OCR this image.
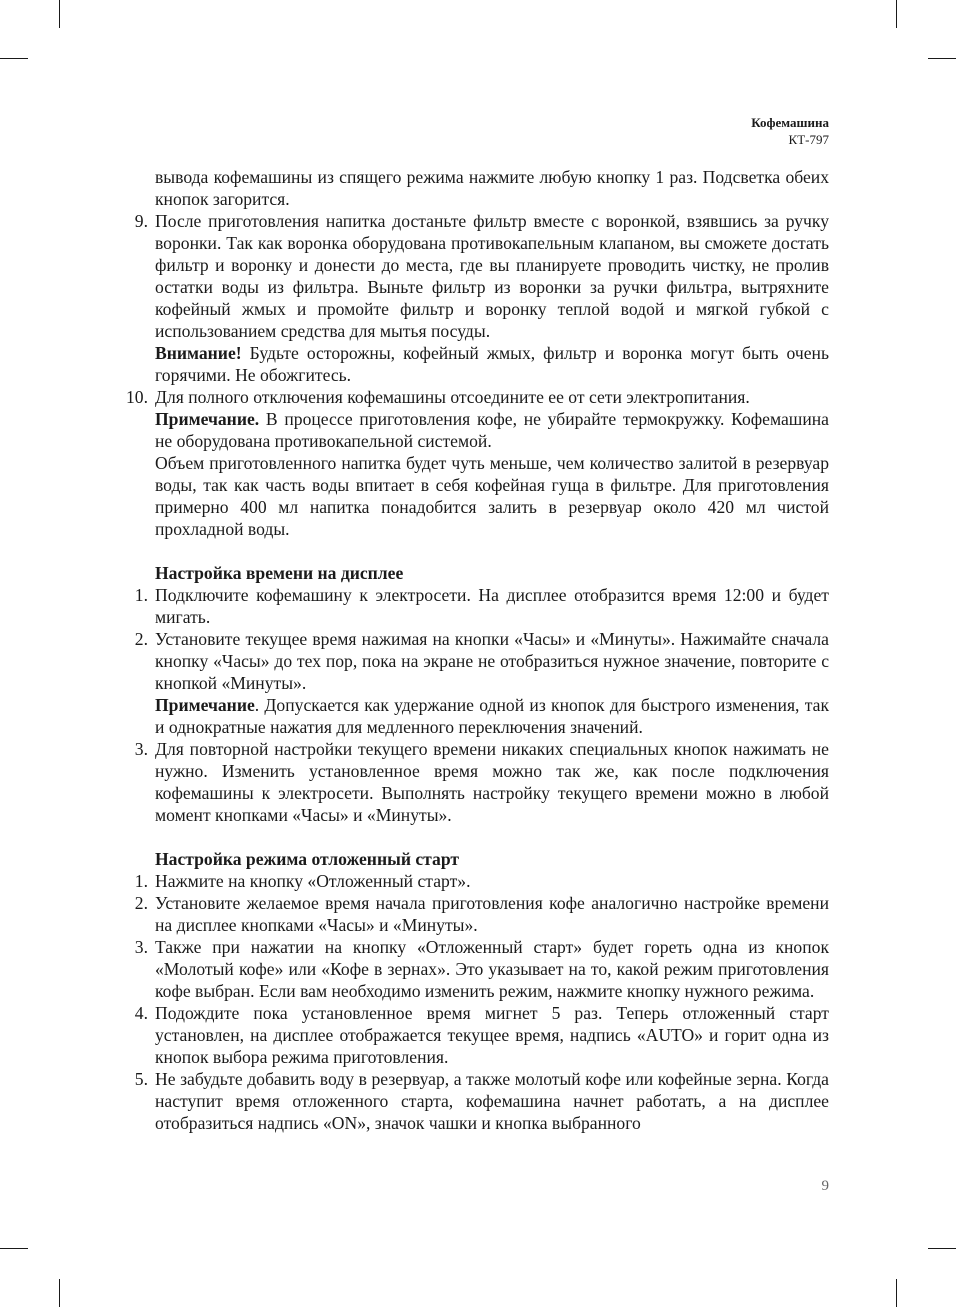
Кофемашина
КТ-797

вывода кофемашины из спящего режима нажмите любую кнопку 1 раз. Подсветка обеих кнопок загорится.

9. После приготовления напитка достаньте фильтр вместе с воронкой, взявшись за ручку воронки. Так как воронка оборудована противокапельным клапаном, вы сможете достать фильтр и воронку и донести до места, где вы планируете проводить чистку, не пролив остатки воды из фильтра. Выньте фильтр из воронки за ручки фильтра, вытряхните кофейный жмых и промойте фильтр и воронку теплой водой и мягкой губкой с использованием средства для мытья посуды.

Внимание! Будьте осторожны, кофейный жмых, фильтр и воронка могут быть очень горячими. Не обожгитесь.

10. Для полного отключения кофемашины отсоедините ее от сети электропитания.

Примечание. В процессе приготовления кофе, не убирайте термокружку. Кофемашина не оборудована противокапельной системой.

Объем приготовленного напитка будет чуть меньше, чем количество залитой в резервуар воды, так как часть воды впитает в себя кофейная гуща в фильтре. Для приготовления примерно 400 мл напитка понадобится залить в резервуар около 420 мл чистой прохладной воды.

Настройка времени на дисплее

1. Подключите кофемашину к электросети. На дисплее отобразится время 12:00 и будет мигать.

2. Установите текущее время нажимая на кнопки «Часы» и «Минуты». Нажимайте сначала кнопку «Часы» до тех пор, пока на экране не отобразиться нужное значение, повторите с кнопкой «Минуты».

Примечание. Допускается как удержание одной из кнопок для быстрого изменения, так и однократные нажатия для медленного переключения значений.

3. Для повторной настройки текущего времени никаких специальных кнопок нажимать не нужно. Изменить установленное время можно так же, как после подключения кофемашины к электросети. Выполнять настройку текущего времени можно в любой момент кнопками «Часы» и «Минуты».

Настройка режима отложенный старт

1. Нажмите на кнопку «Отложенный старт».

2. Установите желаемое время начала приготовления кофе аналогично настройке времени на дисплее кнопками «Часы» и «Минуты».

3. Также при нажатии на кнопку «Отложенный старт» будет гореть одна из кнопок «Молотый кофе» или «Кофе в зернах». Это указывает на то, какой режим приготовления кофе выбран. Если вам необходимо изменить режим, нажмите кнопку нужного режима.

4. Подождите пока установленное время мигнет 5 раз. Теперь отложенный старт установлен, на дисплее отображается текущее время, надпись «AUTO» и горит одна из кнопок выбора режима приготовления.

5. Не забудьте добавить воду в резервуар, а также молотый кофе или кофейные зерна. Когда наступит время отложенного старта, кофемашина начнет работать, а на дисплее отобразиться надпись «ON», значок чашки и кнопка выбранного

9
